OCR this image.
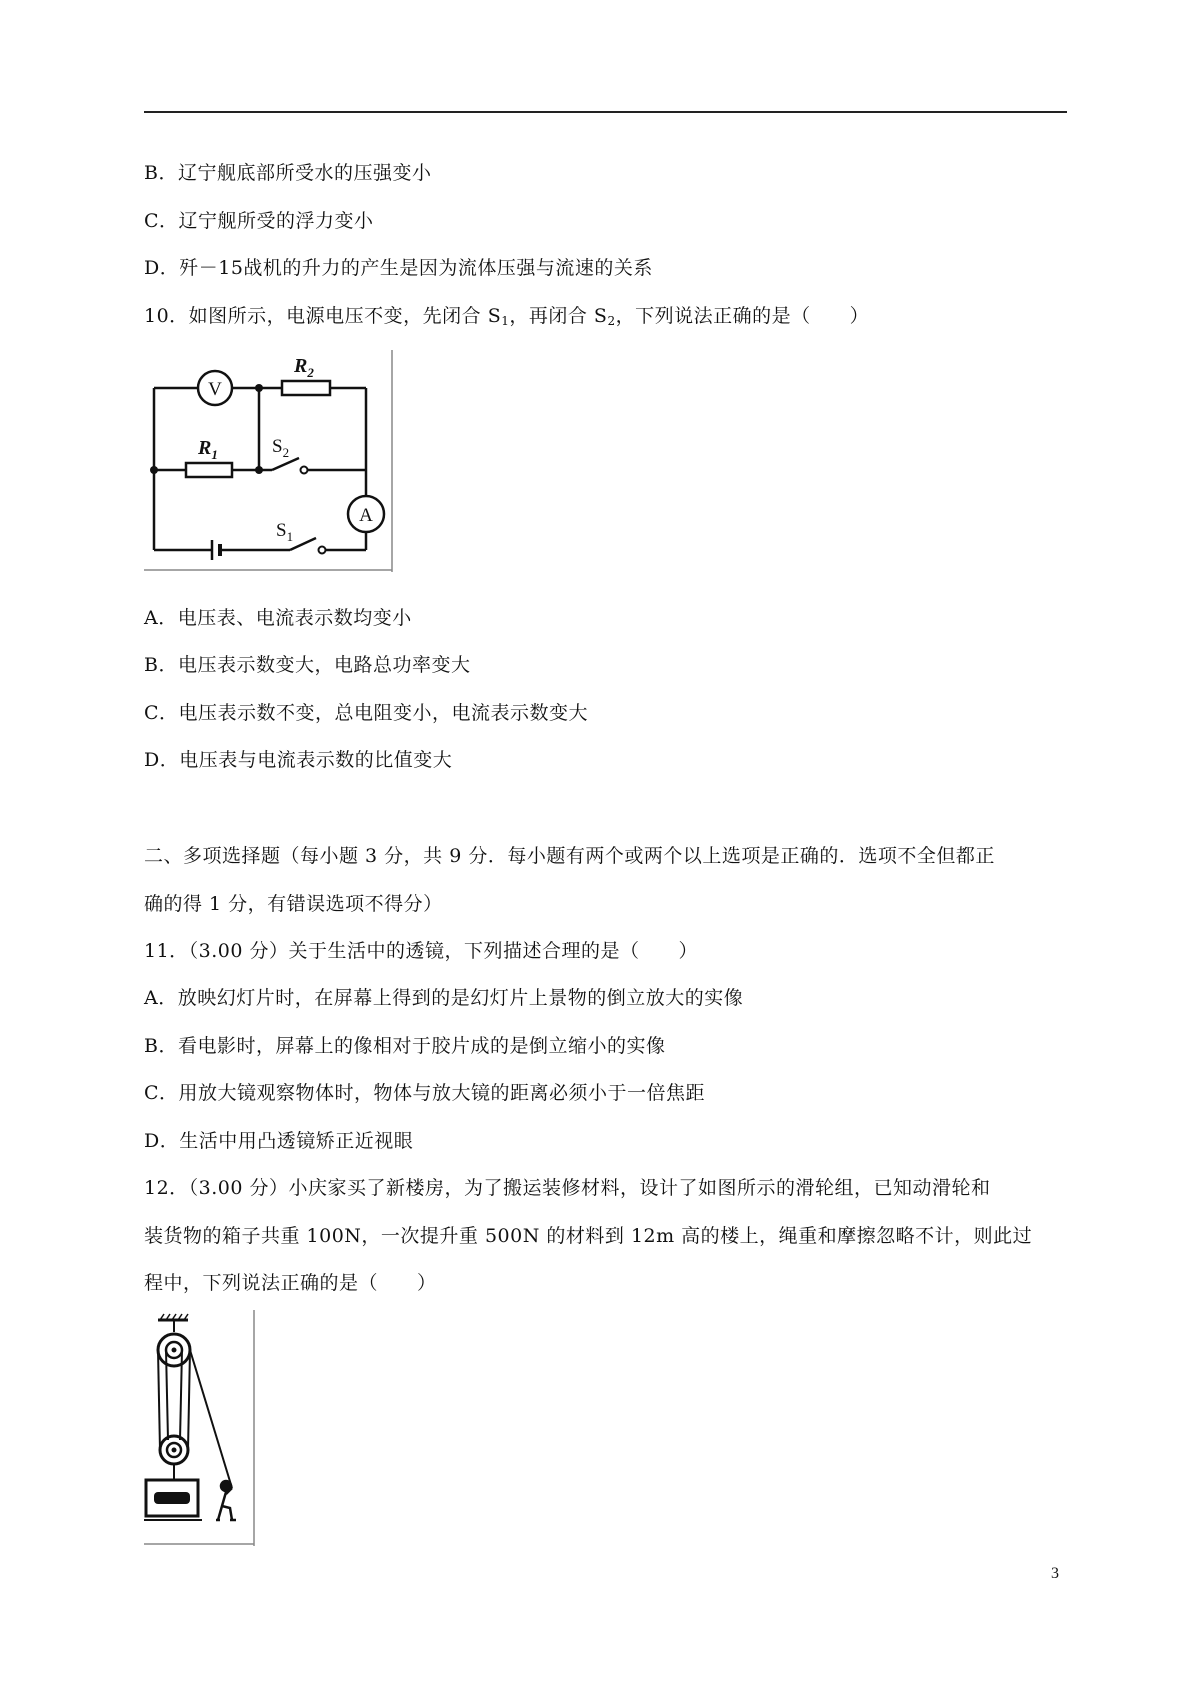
B．辽宁舰底部所受水的压强变小
C．辽宁舰所受的浮力变小
D．歼－15战机的升力的产生是因为流体压强与流速的关系
10．如图所示，电源电压不变，先闭合 $S_1$，再闭合 $S_2$，下列说法正确的是（　　）
V
A
$R_2$
$R_1$	$S_2$
$S_1$
A．电压表、电流表示数均变小
B．电压表示数变大，电路总功率变大
C．电压表示数不变，总电阻变小，电流表示数变大
D．电压表与电流表示数的比值变大
二、多项选择题（每小题 3 分，共 9 分．每小题有两个或两个以上选项是正确的．选项不全但都正
确的得 1 分，有错误选项不得分）
11．（3.00 分）关于生活中的透镜，下列描述合理的是（　　）
A．放映幻灯片时，在屏幕上得到的是幻灯片上景物的倒立放大的实像
B．看电影时，屏幕上的像相对于胶片成的是倒立缩小的实像
C．用放大镜观察物体时，物体与放大镜的距离必须小于一倍焦距
D．生活中用凸透镜矫正近视眼
12．（3.00 分）小庆家买了新楼房，为了搬运装修材料，设计了如图所示的滑轮组，已知动滑轮和
装货物的箱子共重 100N，一次提升重 500N 的材料到 12m 高的楼上，绳重和摩擦忽略不计，则此过
程中，下列说法正确的是（　　）
3
